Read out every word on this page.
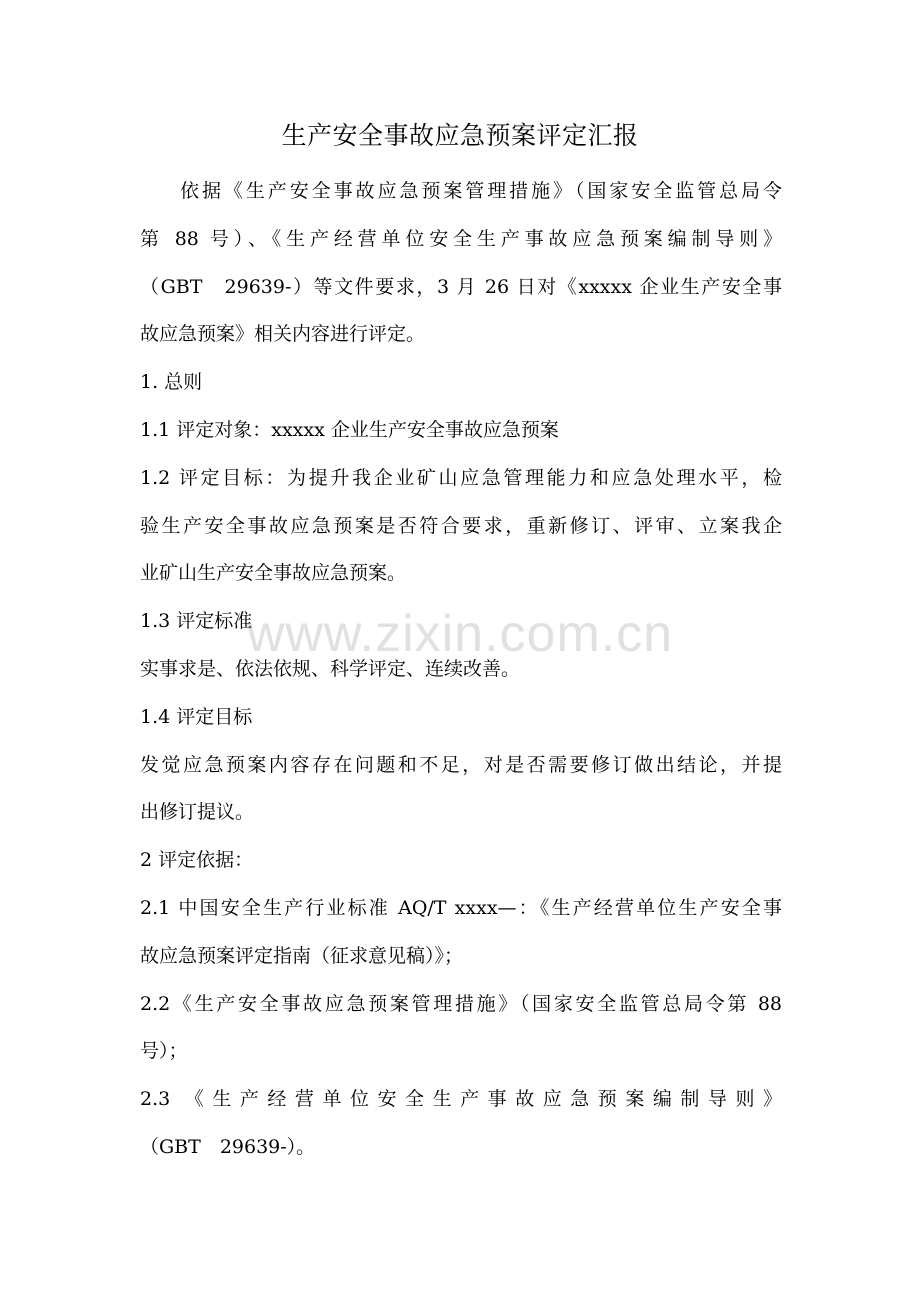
生产安全事故应急预案评定汇报
www.zixin.com.cn
依据《生产安全事故应急预案管理措施》（国家安全监管总局令
第 88 号）、《生产经营单位安全生产事故应急预案编制导则》
（GBT　29639-）等文件要求，3 月 26 日对《xxxxx 企业生产安全事
故应急预案》相关内容进行评定。
1. 总则
1.1 评定对象：xxxxx 企业生产安全事故应急预案
1.2 评定目标：为提升我企业矿山应急管理能力和应急处理水平，检
验生产安全事故应急预案是否符合要求，重新修订、评审、立案我企
业矿山生产安全事故应急预案。
1.3 评定标准
实事求是、依法依规、科学评定、连续改善。
1.4 评定目标
发觉应急预案内容存在问题和不足，对是否需要修订做出结论，并提
出修订提议。
2 评定依据：
2.1 中国安全生产行业标准 AQ/T xxxx—：《生产经营单位生产安全事
故应急预案评定指南（征求意见稿）》；
2.2《生产安全事故应急预案管理措施》（国家安全监管总局令第 88
号）；
2.3 《生产经营单位安全生产事故应急预案编制导则》
（GBT　29639-）。
